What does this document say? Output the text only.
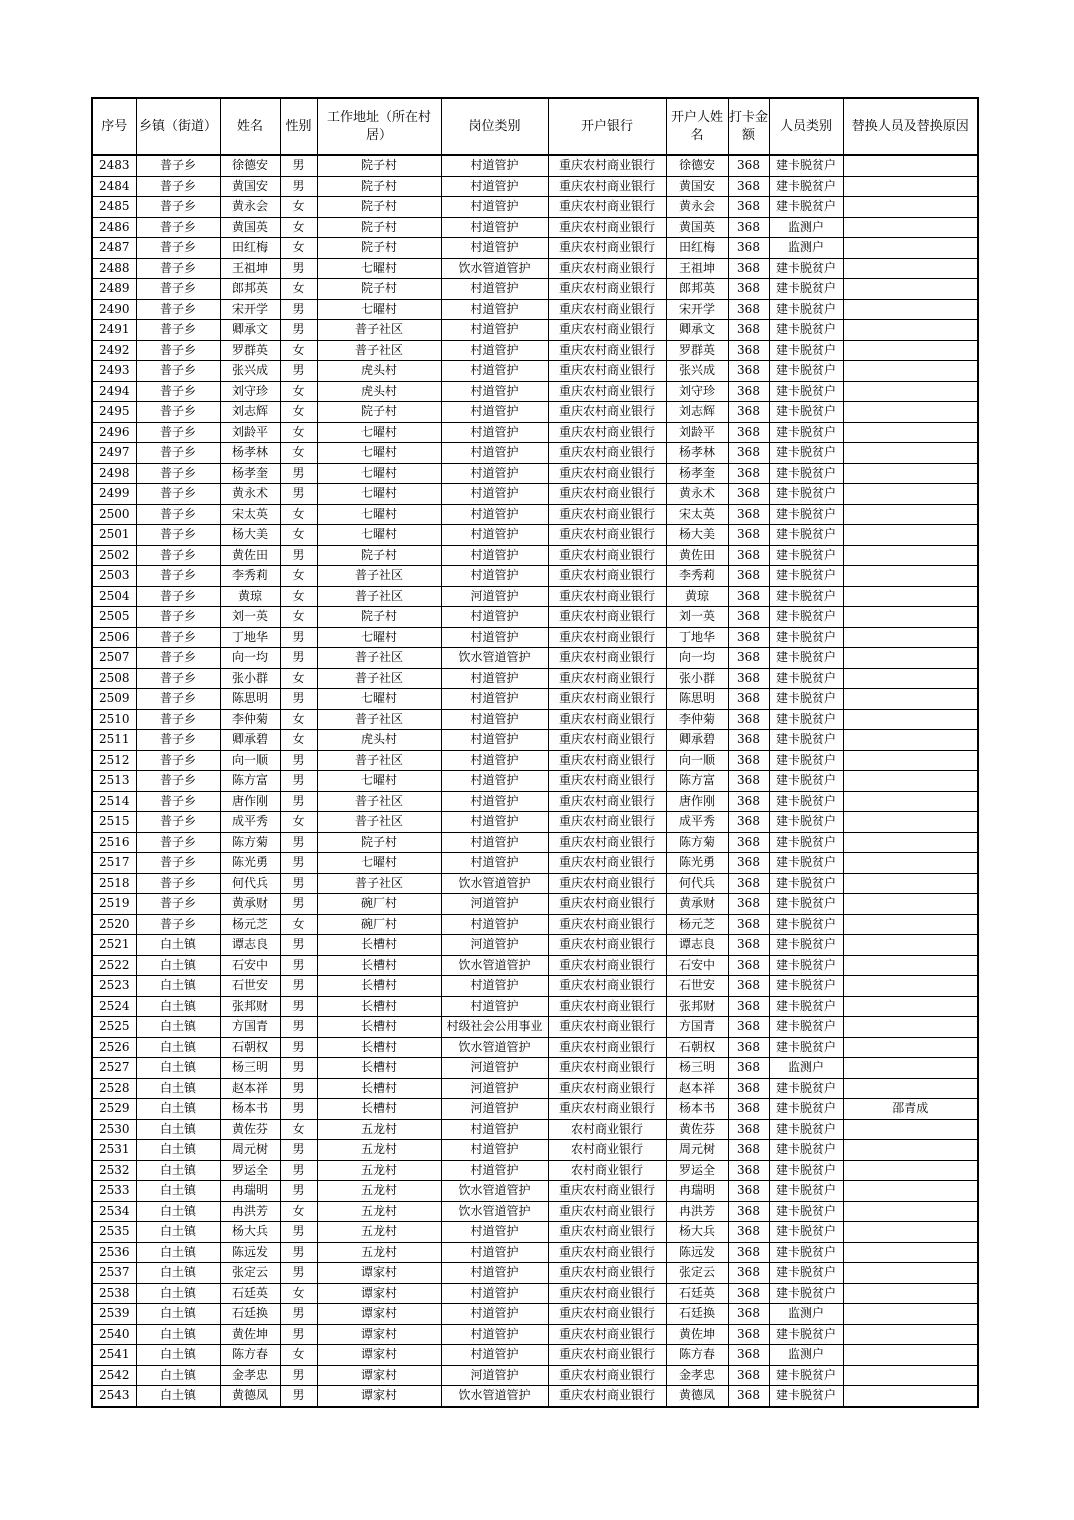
序号	乡镇（街道）	姓名	性别	工作地址（所在村居）	岗位类别	开户银行	开户人姓名	打卡金额	人员类别	替换人员及替换原因
2483	普子乡	徐德安	男	院子村	村道管护	重庆农村商业银行	徐德安	368	建卡脱贫户	
2484	普子乡	黄国安	男	院子村	村道管护	重庆农村商业银行	黄国安	368	建卡脱贫户	
2485	普子乡	黄永会	女	院子村	村道管护	重庆农村商业银行	黄永会	368	建卡脱贫户	
2486	普子乡	黄国英	女	院子村	村道管护	重庆农村商业银行	黄国英	368	监测户	
2487	普子乡	田红梅	女	院子村	村道管护	重庆农村商业银行	田红梅	368	监测户	
2488	普子乡	王祖坤	男	七曜村	饮水管道管护	重庆农村商业银行	王祖坤	368	建卡脱贫户	
2489	普子乡	郎邦英	女	院子村	村道管护	重庆农村商业银行	郎邦英	368	建卡脱贫户	
2490	普子乡	宋开学	男	七曜村	村道管护	重庆农村商业银行	宋开学	368	建卡脱贫户	
2491	普子乡	卿承文	男	普子社区	村道管护	重庆农村商业银行	卿承文	368	建卡脱贫户	
2492	普子乡	罗群英	女	普子社区	村道管护	重庆农村商业银行	罗群英	368	建卡脱贫户	
2493	普子乡	张兴成	男	虎头村	村道管护	重庆农村商业银行	张兴成	368	建卡脱贫户	
2494	普子乡	刘守珍	女	虎头村	村道管护	重庆农村商业银行	刘守珍	368	建卡脱贫户	
2495	普子乡	刘志辉	女	院子村	村道管护	重庆农村商业银行	刘志辉	368	建卡脱贫户	
2496	普子乡	刘龄平	女	七曜村	村道管护	重庆农村商业银行	刘龄平	368	建卡脱贫户	
2497	普子乡	杨孝林	女	七曜村	村道管护	重庆农村商业银行	杨孝林	368	建卡脱贫户	
2498	普子乡	杨孝奎	男	七曜村	村道管护	重庆农村商业银行	杨孝奎	368	建卡脱贫户	
2499	普子乡	黄永术	男	七曜村	村道管护	重庆农村商业银行	黄永术	368	建卡脱贫户	
2500	普子乡	宋太英	女	七曜村	村道管护	重庆农村商业银行	宋太英	368	建卡脱贫户	
2501	普子乡	杨大美	女	七曜村	村道管护	重庆农村商业银行	杨大美	368	建卡脱贫户	
2502	普子乡	黄佐田	男	院子村	村道管护	重庆农村商业银行	黄佐田	368	建卡脱贫户	
2503	普子乡	李秀莉	女	普子社区	村道管护	重庆农村商业银行	李秀莉	368	建卡脱贫户	
2504	普子乡	黄琼	女	普子社区	河道管护	重庆农村商业银行	黄琼	368	建卡脱贫户	
2505	普子乡	刘一英	女	院子村	村道管护	重庆农村商业银行	刘一英	368	建卡脱贫户	
2506	普子乡	丁地华	男	七曜村	村道管护	重庆农村商业银行	丁地华	368	建卡脱贫户	
2507	普子乡	向一均	男	普子社区	饮水管道管护	重庆农村商业银行	向一均	368	建卡脱贫户	
2508	普子乡	张小群	女	普子社区	村道管护	重庆农村商业银行	张小群	368	建卡脱贫户	
2509	普子乡	陈思明	男	七曜村	村道管护	重庆农村商业银行	陈思明	368	建卡脱贫户	
2510	普子乡	李仲菊	女	普子社区	村道管护	重庆农村商业银行	李仲菊	368	建卡脱贫户	
2511	普子乡	卿承碧	女	虎头村	村道管护	重庆农村商业银行	卿承碧	368	建卡脱贫户	
2512	普子乡	向一顺	男	普子社区	村道管护	重庆农村商业银行	向一顺	368	建卡脱贫户	
2513	普子乡	陈方富	男	七曜村	村道管护	重庆农村商业银行	陈方富	368	建卡脱贫户	
2514	普子乡	唐作刚	男	普子社区	村道管护	重庆农村商业银行	唐作刚	368	建卡脱贫户	
2515	普子乡	成平秀	女	普子社区	村道管护	重庆农村商业银行	成平秀	368	建卡脱贫户	
2516	普子乡	陈方菊	男	院子村	村道管护	重庆农村商业银行	陈方菊	368	建卡脱贫户	
2517	普子乡	陈光勇	男	七曜村	村道管护	重庆农村商业银行	陈光勇	368	建卡脱贫户	
2518	普子乡	何代兵	男	普子社区	饮水管道管护	重庆农村商业银行	何代兵	368	建卡脱贫户	
2519	普子乡	黄承财	男	碗厂村	河道管护	重庆农村商业银行	黄承财	368	建卡脱贫户	
2520	普子乡	杨元芝	女	碗厂村	村道管护	重庆农村商业银行	杨元芝	368	建卡脱贫户	
2521	白土镇	谭志良	男	长槽村	河道管护	重庆农村商业银行	谭志良	368	建卡脱贫户	
2522	白土镇	石安中	男	长槽村	饮水管道管护	重庆农村商业银行	石安中	368	建卡脱贫户	
2523	白土镇	石世安	男	长槽村	村道管护	重庆农村商业银行	石世安	368	建卡脱贫户	
2524	白土镇	张邦财	男	长槽村	村道管护	重庆农村商业银行	张邦财	368	建卡脱贫户	
2525	白土镇	方国青	男	长槽村	村级社会公用事业	重庆农村商业银行	方国青	368	建卡脱贫户	
2526	白土镇	石朝权	男	长槽村	饮水管道管护	重庆农村商业银行	石朝权	368	建卡脱贫户	
2527	白土镇	杨三明	男	长槽村	河道管护	重庆农村商业银行	杨三明	368	监测户	
2528	白土镇	赵本祥	男	长槽村	河道管护	重庆农村商业银行	赵本祥	368	建卡脱贫户	
2529	白土镇	杨本书	男	长槽村	河道管护	重庆农村商业银行	杨本书	368	建卡脱贫户	邵青成
2530	白土镇	黄佐芬	女	五龙村	村道管护	农村商业银行	黄佐芬	368	建卡脱贫户	
2531	白土镇	周元树	男	五龙村	村道管护	农村商业银行	周元树	368	建卡脱贫户	
2532	白土镇	罗运全	男	五龙村	村道管护	农村商业银行	罗运全	368	建卡脱贫户	
2533	白土镇	冉瑞明	男	五龙村	饮水管道管护	重庆农村商业银行	冉瑞明	368	建卡脱贫户	
2534	白土镇	冉洪芳	女	五龙村	饮水管道管护	重庆农村商业银行	冉洪芳	368	建卡脱贫户	
2535	白土镇	杨大兵	男	五龙村	村道管护	重庆农村商业银行	杨大兵	368	建卡脱贫户	
2536	白土镇	陈远发	男	五龙村	村道管护	重庆农村商业银行	陈远发	368	建卡脱贫户	
2537	白土镇	张定云	男	谭家村	村道管护	重庆农村商业银行	张定云	368	建卡脱贫户	
2538	白土镇	石廷英	女	谭家村	村道管护	重庆农村商业银行	石廷英	368	建卡脱贫户	
2539	白土镇	石廷换	男	谭家村	村道管护	重庆农村商业银行	石廷换	368	监测户	
2540	白土镇	黄佐坤	男	谭家村	村道管护	重庆农村商业银行	黄佐坤	368	建卡脱贫户	
2541	白土镇	陈方春	女	谭家村	村道管护	重庆农村商业银行	陈方春	368	监测户	
2542	白土镇	金孝忠	男	谭家村	河道管护	重庆农村商业银行	金孝忠	368	建卡脱贫户	
2543	白土镇	黄德凤	男	谭家村	饮水管道管护	重庆农村商业银行	黄德凤	368	建卡脱贫户	
